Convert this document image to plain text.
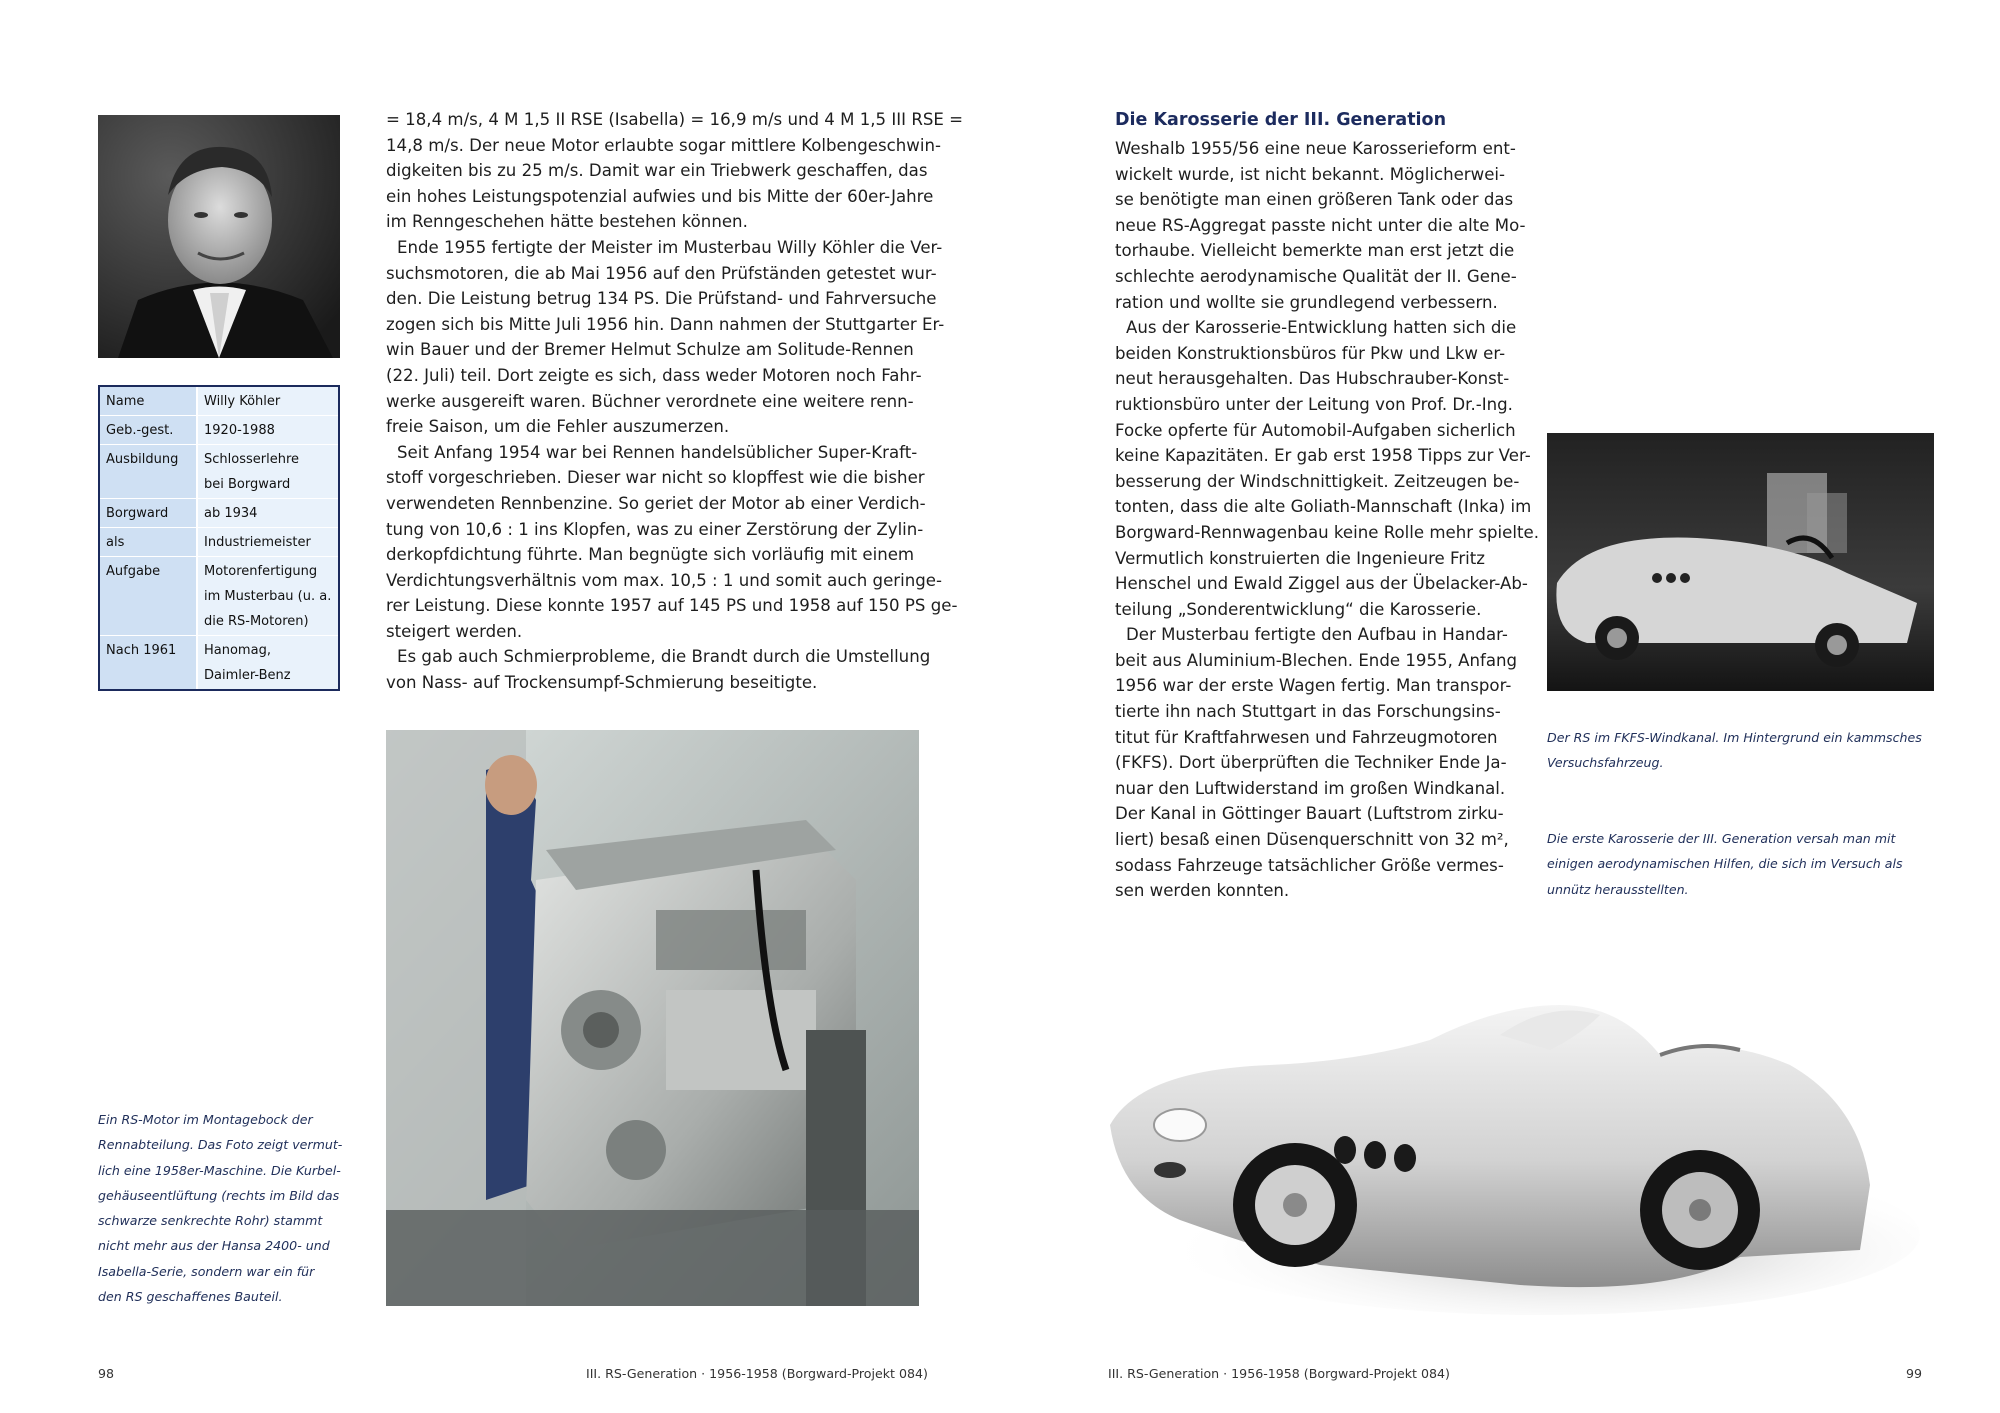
Name	Willy Köhler
Geb.-gest.	1920-1988
Ausbildung	Schlosserlehre
bei Borgward
Borgward	ab 1934
als	Industriemeister
Aufgabe	Motorenfertigung
im Musterbau (u. a.
die RS-Motoren)
Nach 1961	Hanomag,
Daimler-Benz

= 18,4 m/s, 4 M 1,5 II RSE (Isabella) = 16,9 m/s und 4 M 1,5 III RSE =

14,8 m/s. Der neue Motor erlaubte sogar mittlere Kolbengeschwin-

digkeiten bis zu 25 m/s. Damit war ein Triebwerk geschaffen, das

ein hohes Leistungspotenzial aufwies und bis Mitte der 60er-Jahre

im Renngeschehen hätte bestehen können.

Ende 1955 fertigte der Meister im Musterbau Willy Köhler die Ver-

suchsmotoren, die ab Mai 1956 auf den Prüfständen getestet wur-

den. Die Leistung betrug 134 PS. Die Prüfstand- und Fahrversuche

zogen sich bis Mitte Juli 1956 hin. Dann nahmen der Stuttgarter Er-

win Bauer und der Bremer Helmut Schulze am Solitude-Rennen

(22. Juli) teil. Dort zeigte es sich, dass weder Motoren noch Fahr-

werke ausgereift waren. Büchner verordnete eine weitere renn-

freie Saison, um die Fehler auszumerzen.

Seit Anfang 1954 war bei Rennen handelsüblicher Super-Kraft-

stoff vorgeschrieben. Dieser war nicht so klopffest wie die bisher

verwendeten Rennbenzine. So geriet der Motor ab einer Verdich-

tung von 10,6 : 1 ins Klopfen, was zu einer Zerstörung der Zylin-

derkopfdichtung führte. Man begnügte sich vorläufig mit einem

Verdichtungsverhältnis vom max. 10,5 : 1 und somit auch geringe-

rer Leistung. Diese konnte 1957 auf 145 PS und 1958 auf 150 PS ge-

steigert werden.

Es gab auch Schmierprobleme, die Brandt durch die Umstellung

von Nass- auf Trockensumpf-Schmierung beseitigte.

Ein RS-Motor im Montagebock der

Rennabteilung. Das Foto zeigt vermut-

lich eine 1958er-Maschine. Die Kurbel-

gehäuseentlüftung (rechts im Bild das

schwarze senkrechte Rohr) stammt

nicht mehr aus der Hansa 2400- und

Isabella-Serie, sondern war ein für

den RS geschaffenes Bauteil.

98	III. RS-Generation · 1956-1958 (Borgward-Projekt 084)
Die Karosserie der III. Generation

Weshalb 1955/56 eine neue Karosserieform ent-

wickelt wurde, ist nicht bekannt. Möglicherwei-

se benötigte man einen größeren Tank oder das

neue RS-Aggregat passte nicht unter die alte Mo-

torhaube. Vielleicht bemerkte man erst jetzt die

schlechte aerodynamische Qualität der II. Gene-

ration und wollte sie grundlegend verbessern.

Aus der Karosserie-Entwicklung hatten sich die

beiden Konstruktionsbüros für Pkw und Lkw er-

neut herausgehalten. Das Hubschrauber-Konst-

ruktionsbüro unter der Leitung von Prof. Dr.-Ing.

Focke opferte für Automobil-Aufgaben sicherlich

keine Kapazitäten. Er gab erst 1958 Tipps zur Ver-

besserung der Windschnittigkeit. Zeitzeugen be-

tonten, dass die alte Goliath-Mannschaft (Inka) im

Borgward-Rennwagenbau keine Rolle mehr spielte.

Vermutlich konstruierten die Ingenieure Fritz

Henschel und Ewald Ziggel aus der Übelacker-Ab-

teilung „Sonderentwicklung“ die Karosserie.

Der Musterbau fertigte den Aufbau in Handar-

beit aus Aluminium-Blechen. Ende 1955, Anfang

1956 war der erste Wagen fertig. Man transpor-

tierte ihn nach Stuttgart in das Forschungsins-

titut für Kraftfahrwesen und Fahrzeugmotoren

(FKFS). Dort überprüften die Techniker Ende Ja-

nuar den Luftwiderstand im großen Windkanal.

Der Kanal in Göttinger Bauart (Luftstrom zirku-

liert) besaß einen Düsenquerschnitt von 32 m²,

sodass Fahrzeuge tatsächlicher Größe vermes-

sen werden konnten.

Der RS im FKFS-Windkanal. Im Hintergrund ein kammsches

Versuchsfahrzeug.

Die erste Karosserie der III. Generation versah man mit

einigen aerodynamischen Hilfen, die sich im Versuch als

unnütz herausstellten.

III. RS-Generation · 1956-1958 (Borgward-Projekt 084)	99
